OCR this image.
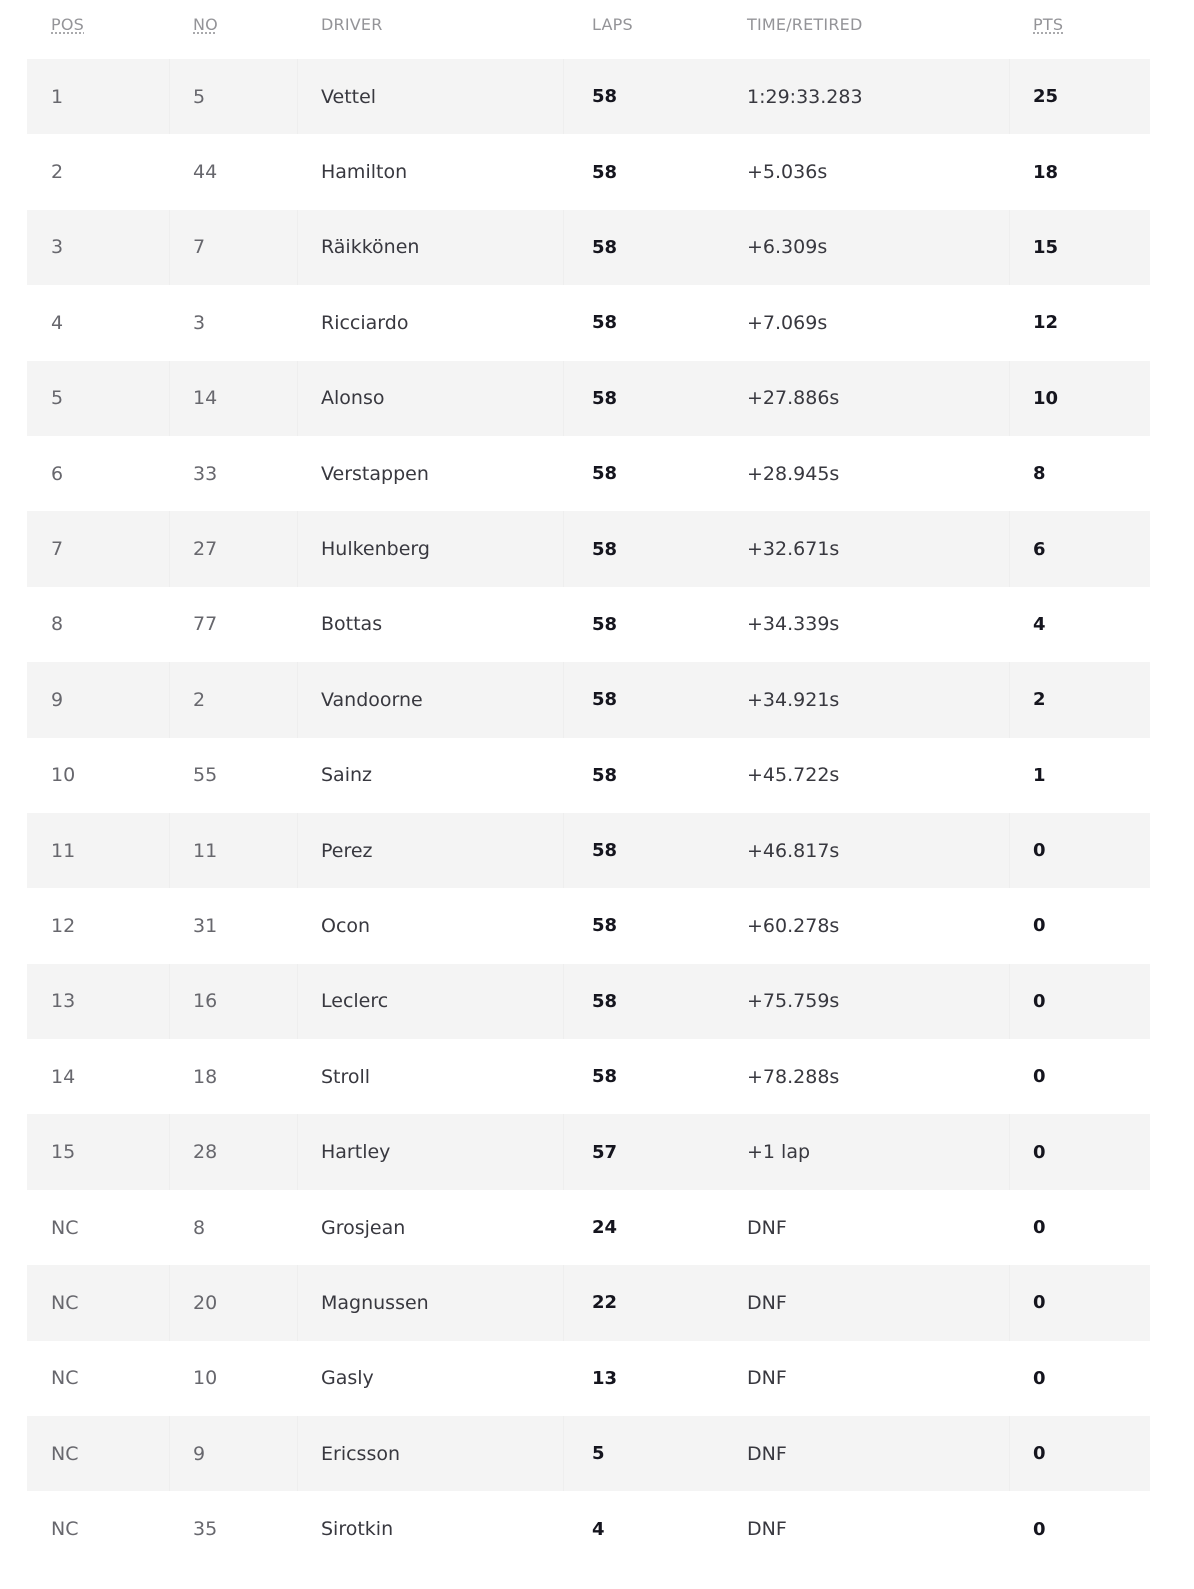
POS	NO	DRIVER	LAPS	TIME/RETIRED	PTS
1	5	Vettel	58	1:29:33.283	25
2	44	Hamilton	58	+5.036s	18
3	7	Räikkönen	58	+6.309s	15
4	3	Ricciardo	58	+7.069s	12
5	14	Alonso	58	+27.886s	10
6	33	Verstappen	58	+28.945s	8
7	27	Hulkenberg	58	+32.671s	6
8	77	Bottas	58	+34.339s	4
9	2	Vandoorne	58	+34.921s	2
10	55	Sainz	58	+45.722s	1
11	11	Perez	58	+46.817s	0
12	31	Ocon	58	+60.278s	0
13	16	Leclerc	58	+75.759s	0
14	18	Stroll	58	+78.288s	0
15	28	Hartley	57	+1 lap	0
NC	8	Grosjean	24	DNF	0
NC	20	Magnussen	22	DNF	0
NC	10	Gasly	13	DNF	0
NC	9	Ericsson	5	DNF	0
NC	35	Sirotkin	4	DNF	0
